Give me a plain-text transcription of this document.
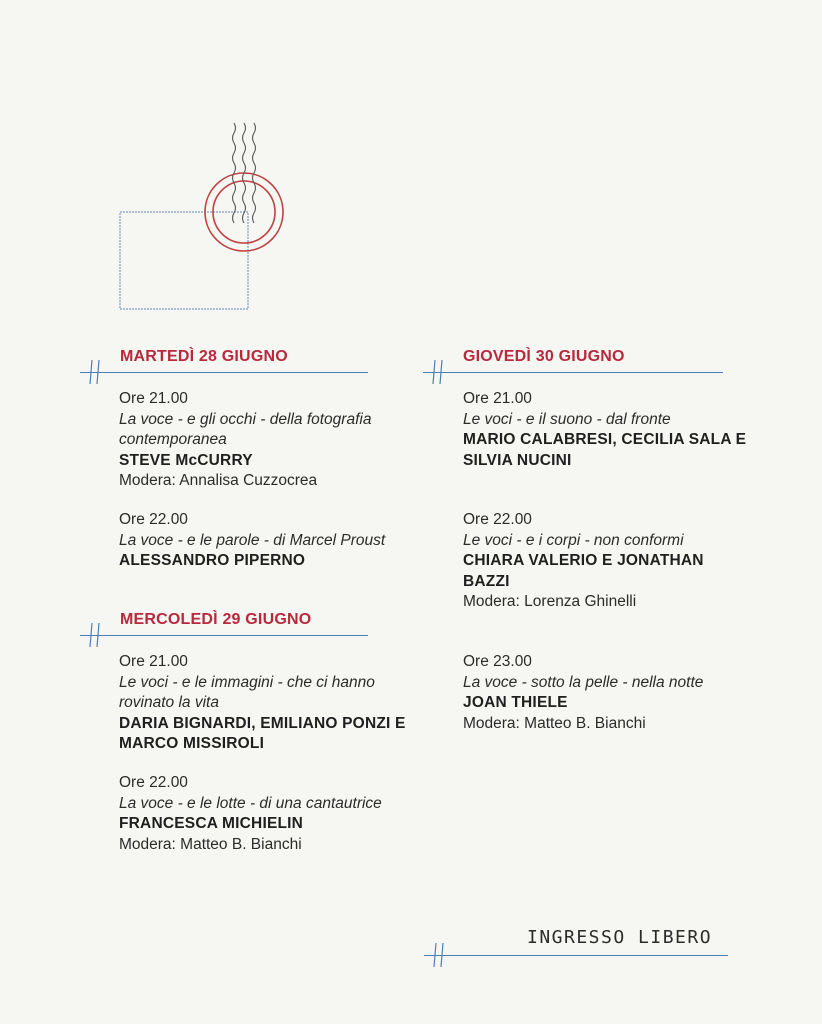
MARTEDÌ 28 GIUGNO
Ore 21.00
La voce - e gli occhi - della fotografia contemporanea
STEVE McCURRY
Modera: Annalisa Cuzzocrea
Ore 22.00
La voce - e le parole - di Marcel Proust
ALESSANDRO PIPERNO
MERCOLEDÌ 29 GIUGNO
Ore 21.00
Le voci - e le immagini - che ci hanno rovinato la vita
DARIA BIGNARDI, EMILIANO PONZI E MARCO MISSIROLI
Ore 22.00
La voce - e le lotte - di una cantautrice
FRANCESCA MICHIELIN
Modera: Matteo B. Bianchi
GIOVEDÌ 30 GIUGNO
Ore 21.00
Le voci - e il suono - dal fronte
MARIO CALABRESI, CECILIA SALA E SILVIA NUCINI
Ore 22.00
Le voci - e i corpi - non conformi
CHIARA VALERIO E JONATHAN BAZZI
Modera: Lorenza Ghinelli
Ore 23.00
La voce - sotto la pelle - nella notte
JOAN THIELE
Modera: Matteo B. Bianchi
INGRESSO LIBERO
